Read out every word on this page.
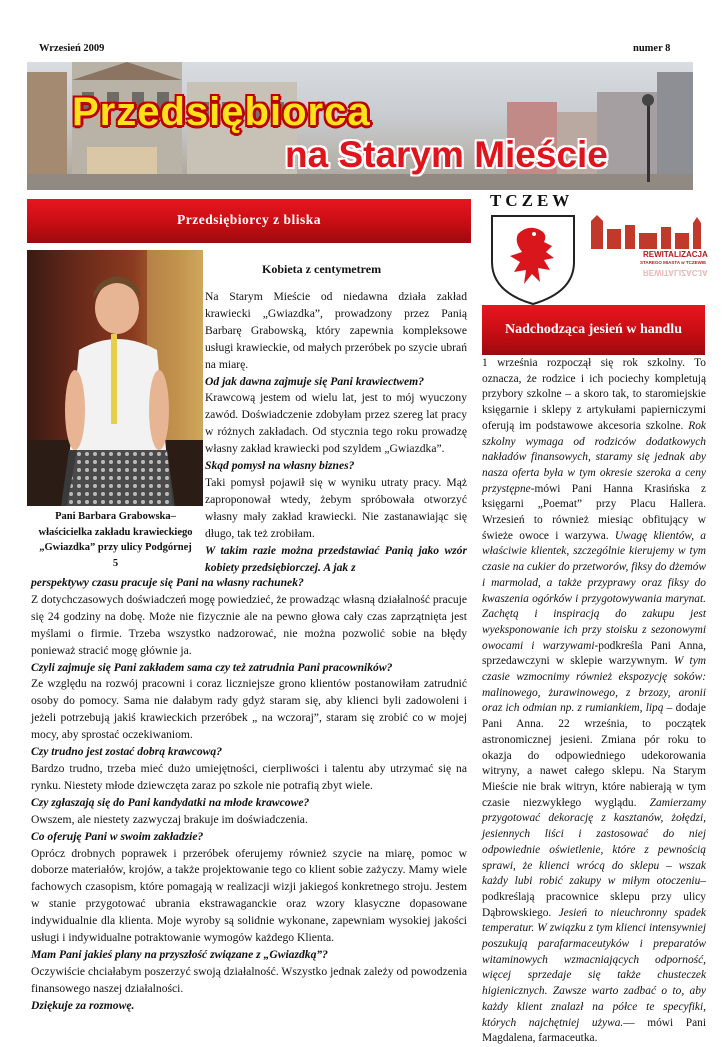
Wrzesień 2009	numer 8
Przedsiębiorca
na Starym Mieście
Przedsiębiorcy z bliska
TCZEW
REWITALIZACJA
STAREGO MIASTA w TCZEWIE
REWITALIZACJA
Pani Barbara Grabowska– właścicielka zakładu krawieckiego „Gwiazdka” przy ulicy Podgórnej 5
Kobieta z centymetrem

Na Starym Mieście od niedawna działa zakład krawiecki „Gwiazdka”, prowadzony przez Panią Barbarę Grabowską, który zapewnia kompleksowe usługi krawieckie, od małych przeróbek po szycie ubrań na miarę.

Od jak dawna zajmuje się Pani krawiectwem?

Krawcową jestem od wielu lat, jest to mój wyuczony zawód. Doświadczenie zdobyłam przez szereg lat pracy w różnych zakładach. Od stycznia tego roku prowadzę własny zakład krawiecki pod szyldem „Gwiazdka”.

Skąd pomysł na własny biznes?

Taki pomysł pojawił się w wyniku utraty pracy. Mąż zaproponował wtedy, żebym spróbowała otworzyć własny mały zakład krawiecki. Nie zastanawiając się długo, tak też zrobiłam.

W takim razie można przedstawiać Panią jako wzór kobiety przedsiębiorczej. A jak z

perspektywy czasu pracuje się Pani na własny rachunek?

Z dotychczasowych doświadczeń mogę powiedzieć, że prowadząc własną działalność pracuje się 24 godziny na dobę. Może nie fizycznie ale na pewno głowa cały czas zaprzątnięta jest myślami o firmie. Trzeba wszystko nadzorować, nie można pozwolić sobie na błędy ponieważ stracić mogę głównie ja.

Czyli zajmuje się Pani zakładem sama czy też zatrudnia Pani pracowników?

Ze względu na rozwój pracowni i coraz liczniejsze grono klientów postanowiłam zatrudnić osoby do pomocy. Sama nie dałabym rady gdyż staram się, aby klienci byli zadowoleni i jeżeli potrzebują jakiś krawieckich przeróbek „ na wczoraj”, staram się zrobić co w mojej mocy, aby sprostać oczekiwaniom.

Czy trudno jest zostać dobrą krawcową?

Bardzo trudno, trzeba mieć dużo umiejętności, cierpliwości i talentu aby utrzymać się na rynku. Niestety młode dziewczęta zaraz po szkole nie potrafią zbyt wiele.

Czy zgłaszają się do Pani kandydatki na młode krawcowe?

Owszem, ale niestety zazwyczaj brakuje im doświadczenia.

Co oferuję Pani w swoim zakładzie?

Oprócz drobnych poprawek i przeróbek oferujemy również szycie na miarę, pomoc w doborze materiałów, krojów, a także projektowanie tego co klient sobie zażyczy. Mamy wiele fachowych czasopism, które pomagają w realizacji wizji jakiegoś konkretnego stroju. Jestem w stanie przygotować ubrania ekstrawaganckie oraz wzory klasyczne dopasowane indywidualnie dla klienta. Moje wyroby są solidnie wykonane, zapewniam wysokiej jakości usługi i indywidualne potraktowanie wymogów każdego Klienta.

Mam Pani jakieś plany na przyszłość związane z „Gwiazdką”?

Oczywiście chciałabym poszerzyć swoją działalność. Wszystko jednak zależy od powodzenia finansowego naszej działalności.

Dziękuje za rozmowę.

Nadchodząca jesień w handlu

1 września rozpoczął się rok szkolny. To oznacza, że rodzice i ich pociechy kompletują przybory szkolne – a skoro tak, to staromiejskie księgarnie i sklepy z artykułami papierniczymi oferują im podstawowe akcesoria szkolne. Rok szkolny wymaga od rodziców dodatkowych nakładów finansowych, staramy się jednak aby nasza oferta była w tym okresie szeroka a ceny przystępne-mówi Pani Hanna Krasińska z księgarni „Poemat” przy Placu Hallera. Wrzesień to również miesiąc obfitujący w świeże owoce i warzywa. Uwagę klientów, a właściwie klientek, szczególnie kierujemy w tym czasie na cukier do przetworów, fiksy do dżemów i marmolad, a także przyprawy oraz fiksy do kwaszenia ogórków i przygotowywania marynat. Zachętą i inspiracją do zakupu jest wyeksponowanie ich przy stoisku z sezonowymi owocami i warzywami-podkreśla Pani Anna, sprzedawczyni w sklepie warzywnym. W tym czasie wzmocnimy również ekspozycję soków: malinowego, żurawinowego, z brzozy, aronii oraz ich odmian np. z rumiankiem, lipą – dodaje Pani Anna. 22 września, to początek astronomicznej jesieni. Zmiana pór roku to okazja do odpowiedniego udekorowania witryny, a nawet całego sklepu. Na Starym Mieście nie brak witryn, które nabierają w tym czasie niezwykłego wyglądu. Zamierzamy przygotować dekorację z kasztanów, żołędzi, jesiennych liści i zastosować do niej odpowiednie oświetlenie, które z pewnością sprawi, że klienci wrócą do sklepu – wszak każdy lubi robić zakupy w miłym otoczeniu– podkreślają pracownice sklepu przy ulicy Dąbrowskiego. Jesień to nieuchronny spadek temperatur. W związku z tym klienci intensywniej poszukują parafarmaceutyków i preparatów witaminowych wzmacniających odporność, więcej sprzedaje się także chusteczek higienicznych. Zawsze warto zadbać o to, aby każdy klient znalazł na półce te specyfiki, których najchętniej używa.— mówi Pani Magdalena, farmaceutka.
